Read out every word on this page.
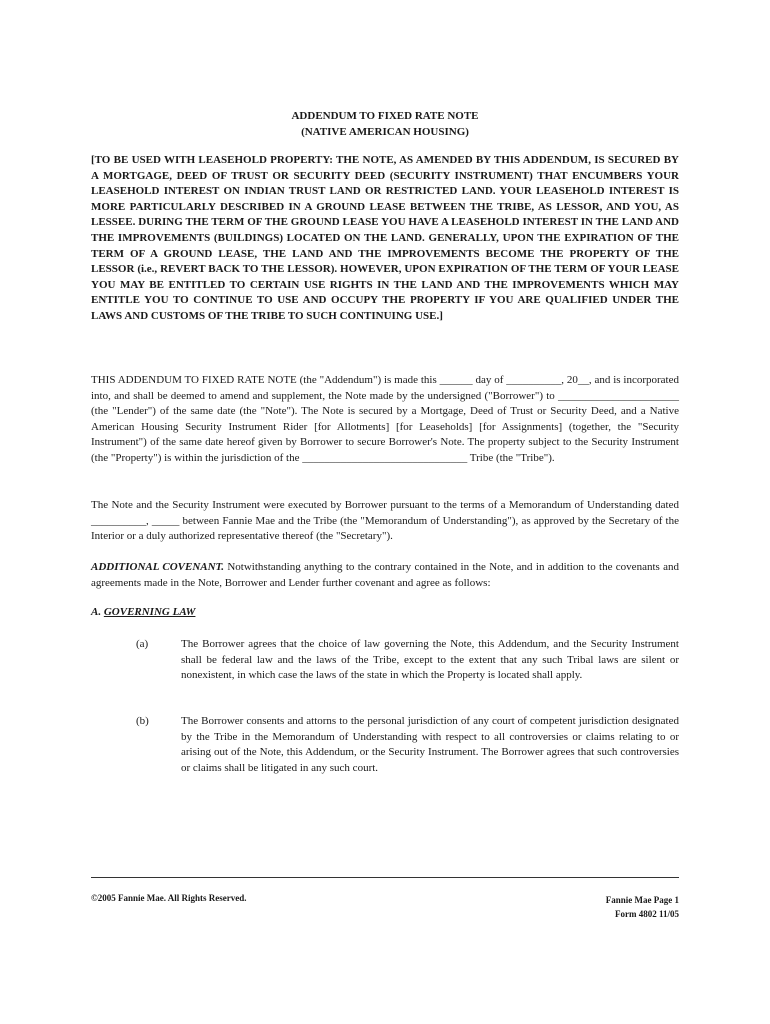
ADDENDUM TO FIXED RATE NOTE
(NATIVE AMERICAN HOUSING)
[TO BE USED WITH LEASEHOLD PROPERTY: THE NOTE, AS AMENDED BY THIS ADDENDUM, IS SECURED BY A MORTGAGE, DEED OF TRUST OR SECURITY DEED (SECURITY INSTRUMENT) THAT ENCUMBERS YOUR LEASEHOLD INTEREST ON INDIAN TRUST LAND OR RESTRICTED LAND. YOUR LEASEHOLD INTEREST IS MORE PARTICULARLY DESCRIBED IN A GROUND LEASE BETWEEN THE TRIBE, AS LESSOR, AND YOU, AS LESSEE. DURING THE TERM OF THE GROUND LEASE YOU HAVE A LEASEHOLD INTEREST IN THE LAND AND THE IMPROVEMENTS (BUILDINGS) LOCATED ON THE LAND. GENERALLY, UPON THE EXPIRATION OF THE TERM OF A GROUND LEASE, THE LAND AND THE IMPROVEMENTS BECOME THE PROPERTY OF THE LESSOR (i.e., REVERT BACK TO THE LESSOR). HOWEVER, UPON EXPIRATION OF THE TERM OF YOUR LEASE YOU MAY BE ENTITLED TO CERTAIN USE RIGHTS IN THE LAND AND THE IMPROVEMENTS WHICH MAY ENTITLE YOU TO CONTINUE TO USE AND OCCUPY THE PROPERTY IF YOU ARE QUALIFIED UNDER THE LAWS AND CUSTOMS OF THE TRIBE TO SUCH CONTINUING USE.]
THIS ADDENDUM TO FIXED RATE NOTE (the "Addendum") is made this ______ day of __________, 20__, and is incorporated into, and shall be deemed to amend and supplement, the Note made by the undersigned ("Borrower") to ______________________ (the "Lender") of the same date (the "Note"). The Note is secured by a Mortgage, Deed of Trust or Security Deed, and a Native American Housing Security Instrument Rider [for Allotments] [for Leaseholds] [for Assignments] (together, the "Security Instrument") of the same date hereof given by Borrower to secure Borrower's Note. The property subject to the Security Instrument (the "Property") is within the jurisdiction of the ______________________________ Tribe (the "Tribe").
The Note and the Security Instrument were executed by Borrower pursuant to the terms of a Memorandum of Understanding dated __________, _____ between Fannie Mae and the Tribe (the "Memorandum of Understanding"), as approved by the Secretary of the Interior or a duly authorized representative thereof (the "Secretary").
ADDITIONAL COVENANT. Notwithstanding anything to the contrary contained in the Note, and in addition to the covenants and agreements made in the Note, Borrower and Lender further covenant and agree as follows:
A. GOVERNING LAW
(a)	The Borrower agrees that the choice of law governing the Note, this Addendum, and the Security Instrument shall be federal law and the laws of the Tribe, except to the extent that any such Tribal laws are silent or nonexistent, in which case the laws of the state in which the Property is located shall apply.
(b)	The Borrower consents and attorns to the personal jurisdiction of any court of competent jurisdiction designated by the Tribe in the Memorandum of Understanding with respect to all controversies or claims relating to or arising out of the Note, this Addendum, or the Security Instrument. The Borrower agrees that such controversies or claims shall be litigated in any such court.
©2005 Fannie Mae. All Rights Reserved.	Fannie Mae Page 1
Form 4802 11/05
